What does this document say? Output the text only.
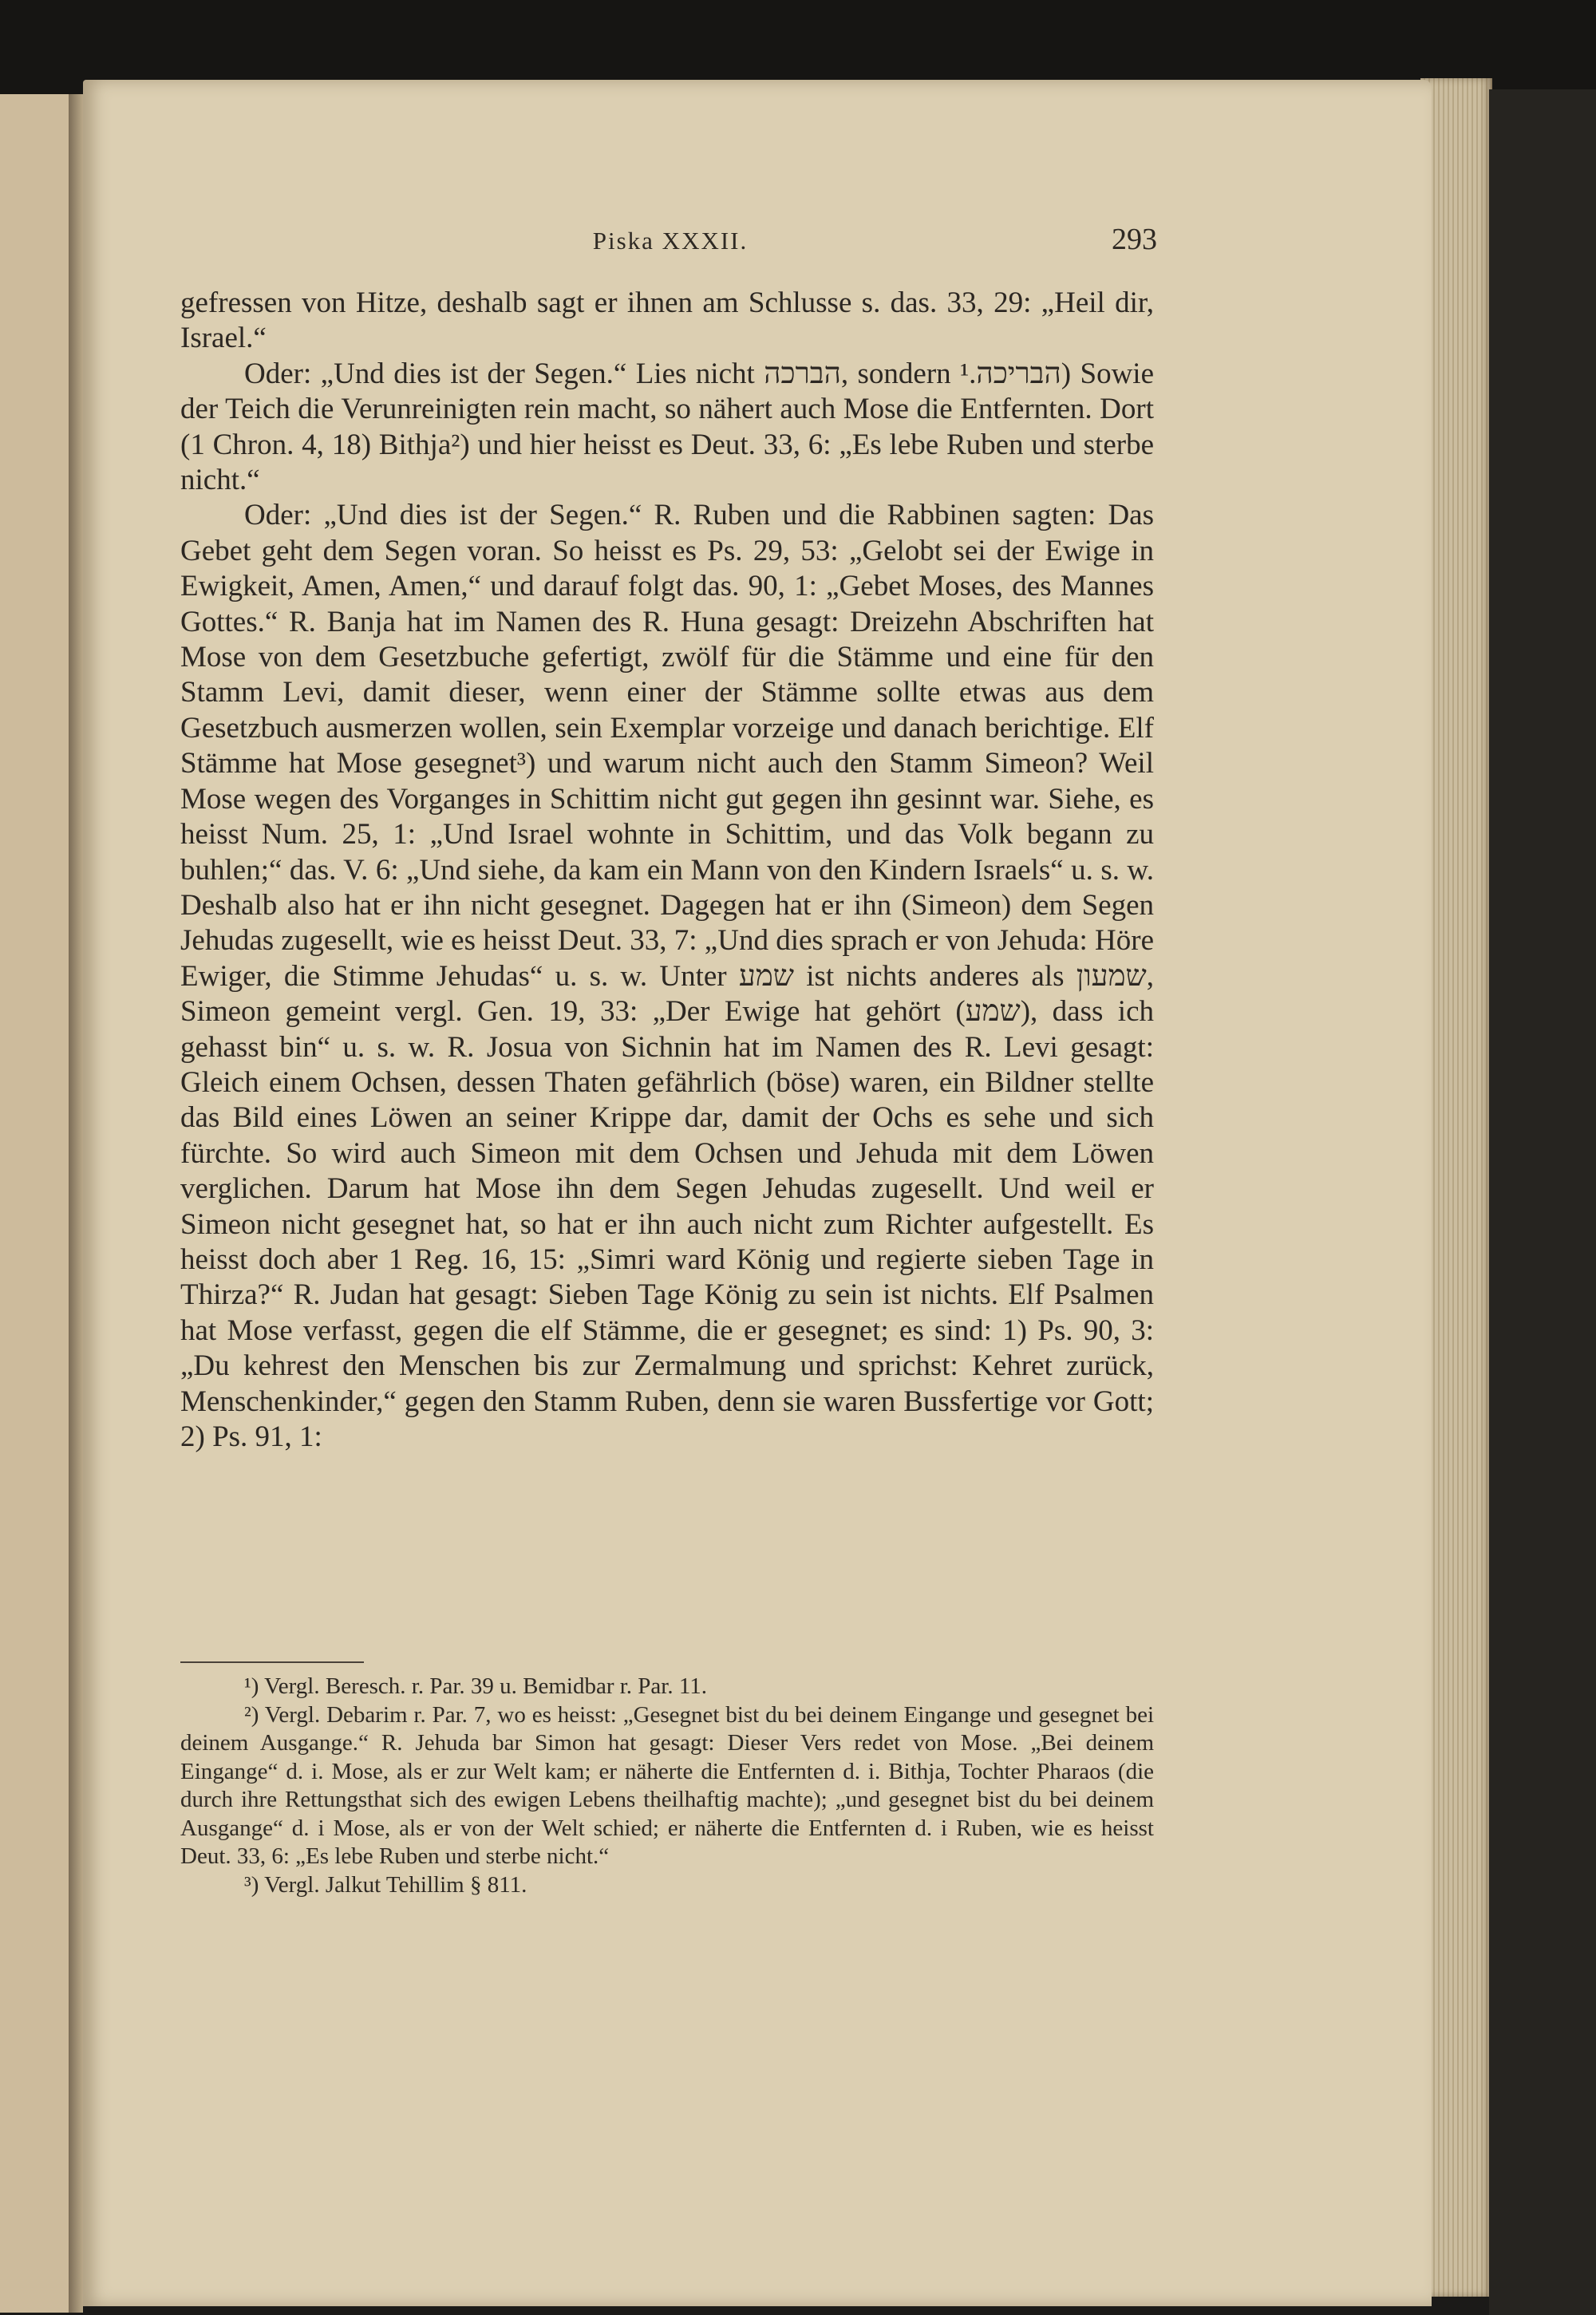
Piska XXXII.	293

gefressen von Hitze, deshalb sagt er ihnen am Schlusse s. das. 33, 29: „Heil dir, Israel.“

Oder: „Und dies ist der Segen.“ Lies nicht הברכה, sondern הבריכה.¹) Sowie der Teich die Verunreinigten rein macht, so nähert auch Mose die Entfernten. Dort (1 Chron. 4, 18) Bithja²) und hier heisst es Deut. 33, 6: „Es lebe Ruben und sterbe nicht.“

Oder: „Und dies ist der Segen.“ R. Ruben und die Rabbinen sagten: Das Gebet geht dem Segen voran. So heisst es Ps. 29, 53: „Gelobt sei der Ewige in Ewigkeit, Amen, Amen,“ und darauf folgt das. 90, 1: „Gebet Moses, des Mannes Gottes.“ R. Banja hat im Namen des R. Huna gesagt: Dreizehn Abschriften hat Mose von dem Gesetzbuche gefertigt, zwölf für die Stämme und eine für den Stamm Levi, damit dieser, wenn einer der Stämme sollte etwas aus dem Gesetzbuch ausmerzen wollen, sein Exemplar vorzeige und danach berichtige. Elf Stämme hat Mose gesegnet³) und warum nicht auch den Stamm Simeon? Weil Mose wegen des Vorganges in Schittim nicht gut gegen ihn gesinnt war. Siehe, es heisst Num. 25, 1: „Und Israel wohnte in Schittim, und das Volk begann zu buhlen;“ das. V. 6: „Und siehe, da kam ein Mann von den Kindern Israels“ u. s. w. Deshalb also hat er ihn nicht gesegnet. Dagegen hat er ihn (Simeon) dem Segen Jehudas zugesellt, wie es heisst Deut. 33, 7: „Und dies sprach er von Jehuda: Höre Ewiger, die Stimme Jehudas“ u. s. w. Unter שמע ist nichts anderes als שמעון, Simeon gemeint vergl. Gen. 19, 33: „Der Ewige hat gehört (שמע), dass ich gehasst bin“ u. s. w. R. Josua von Sichnin hat im Namen des R. Levi gesagt: Gleich einem Ochsen, dessen Thaten gefährlich (böse) waren, ein Bildner stellte das Bild eines Löwen an seiner Krippe dar, damit der Ochs es sehe und sich fürchte. So wird auch Simeon mit dem Ochsen und Jehuda mit dem Löwen verglichen. Darum hat Mose ihn dem Segen Jehudas zugesellt. Und weil er Simeon nicht gesegnet hat, so hat er ihn auch nicht zum Richter aufgestellt. Es heisst doch aber 1 Reg. 16, 15: „Simri ward König und regierte sieben Tage in Thirza?“ R. Judan hat gesagt: Sieben Tage König zu sein ist nichts. Elf Psalmen hat Mose verfasst, gegen die elf Stämme, die er gesegnet; es sind: 1) Ps. 90, 3: „Du kehrest den Menschen bis zur Zermalmung und sprichst: Kehret zurück, Menschenkinder,“ gegen den Stamm Ruben, denn sie waren Bussfertige vor Gott; 2) Ps. 91, 1:

¹) Vergl. Beresch. r. Par. 39 u. Bemidbar r. Par. 11.

²) Vergl. Debarim r. Par. 7, wo es heisst: „Gesegnet bist du bei deinem Eingange und gesegnet bei deinem Ausgange.“ R. Jehuda bar Simon hat gesagt: Dieser Vers redet von Mose. „Bei deinem Eingange“ d. i. Mose, als er zur Welt kam; er näherte die Entfernten d. i. Bithja, Tochter Pharaos (die durch ihre Rettungsthat sich des ewigen Lebens theilhaftig machte); „und gesegnet bist du bei deinem Ausgange“ d. i Mose, als er von der Welt schied; er näherte die Entfernten d. i Ruben, wie es heisst Deut. 33, 6: „Es lebe Ruben und sterbe nicht.“

³) Vergl. Jalkut Tehillim § 811.
